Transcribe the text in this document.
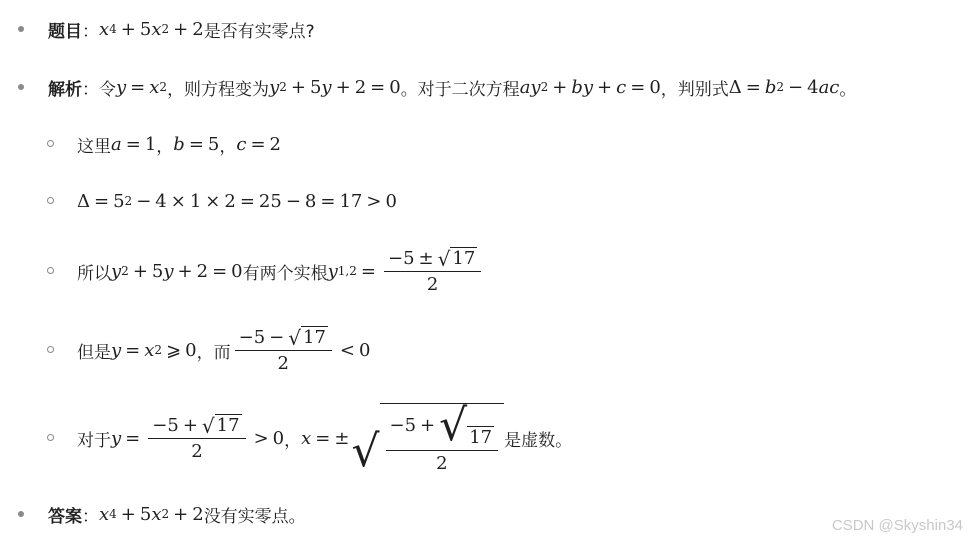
题目 ： x 4 + 5 x 2 + 2 是否有实零点?
解析 ： 令 y = x 2 ，则方程变为 y 2 + 5 y + 2 = 0 。对于二次方程 ay 2 + by + c = 0 ，判别式 Δ = b 2 − 4 ac 。
这里 a = 1 ， b = 5 ， c = 2
Δ = 5 2 − 4 × 1 × 2 = 25 − 8 = 17 > 0
所以 y 2 + 5 y + 2 = 0 有两个实根 y $1,2 = \frac{-5 \pm √ 17}{2}$
但是 y = x 2 ⩾ 0 ，而 $\frac{-5 - √ 17}{2} < 0$
对于 $y = \frac{-5 + √ 17}{2} > 0$ ， x = ± √ $\frac{-5 + √ 17}{2}$ 是虚数。
答案 ： x 4 + 5 x 2 + 2 没有实零点。	CSDN @Skyshin34
